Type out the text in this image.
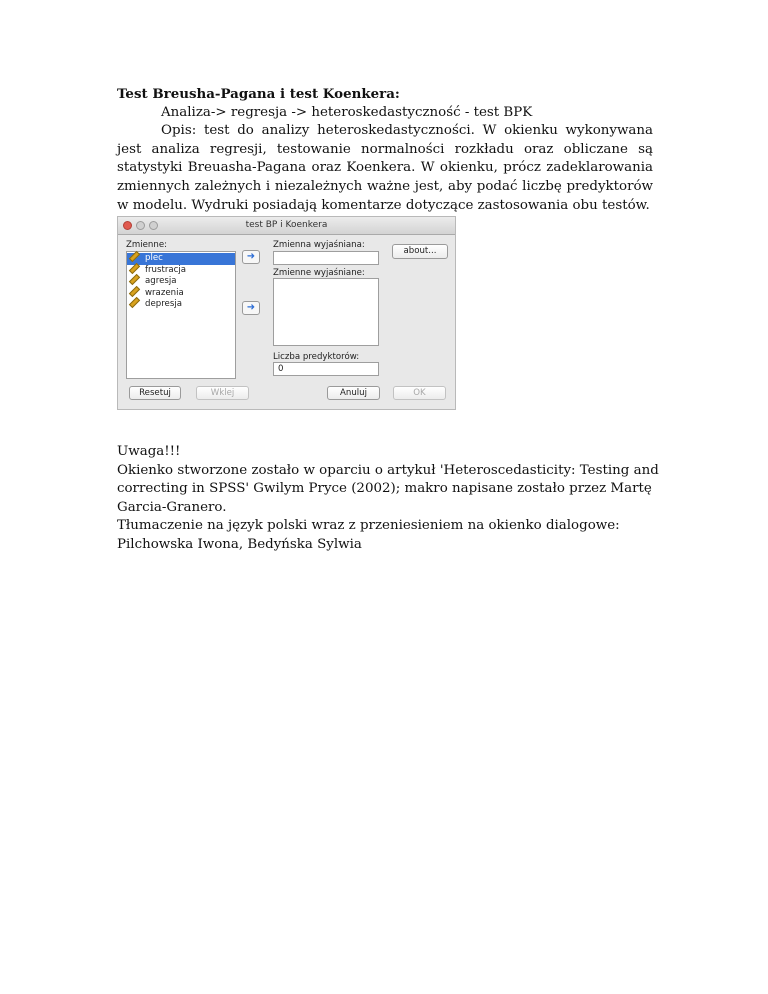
Test Breusha-Pagana i test Koenkera:

Analiza-> regresja -> heteroskedastyczność - test BPK

Opis: test do analizy heteroskedastyczności. W okienku wykonywana jest analiza regresji, testowanie normalności rozkładu oraz obliczane są statystyki Breuasha-Pagana oraz Koenkera. W okienku, prócz zadeklarowania zmiennych zależnych i niezależnych ważne jest, aby podać liczbę predyktorów w modelu. Wydruki posiadają komentarze dotyczące zastosowania obu testów.

test BP i Koenkera
Zmienne:
plec
frustracja
agresja
wrazenia
depresja
➜
➜
Zmienna wyjaśniana:
about...
Zmienne wyjaśniane:
Liczba predyktorów:
0
Resetuj	Wklej	Anuluj	OK

Uwaga!!!

Okienko stworzone zostało w oparciu o artykuł 'Heteroscedasticity: Testing and correcting in SPSS' Gwilym Pryce (2002); makro napisane zostało przez Martę Garcia-Granero.

Tłumaczenie na język polski wraz z przeniesieniem na okienko dialogowe: Pilchowska Iwona, Bedyńska Sylwia
